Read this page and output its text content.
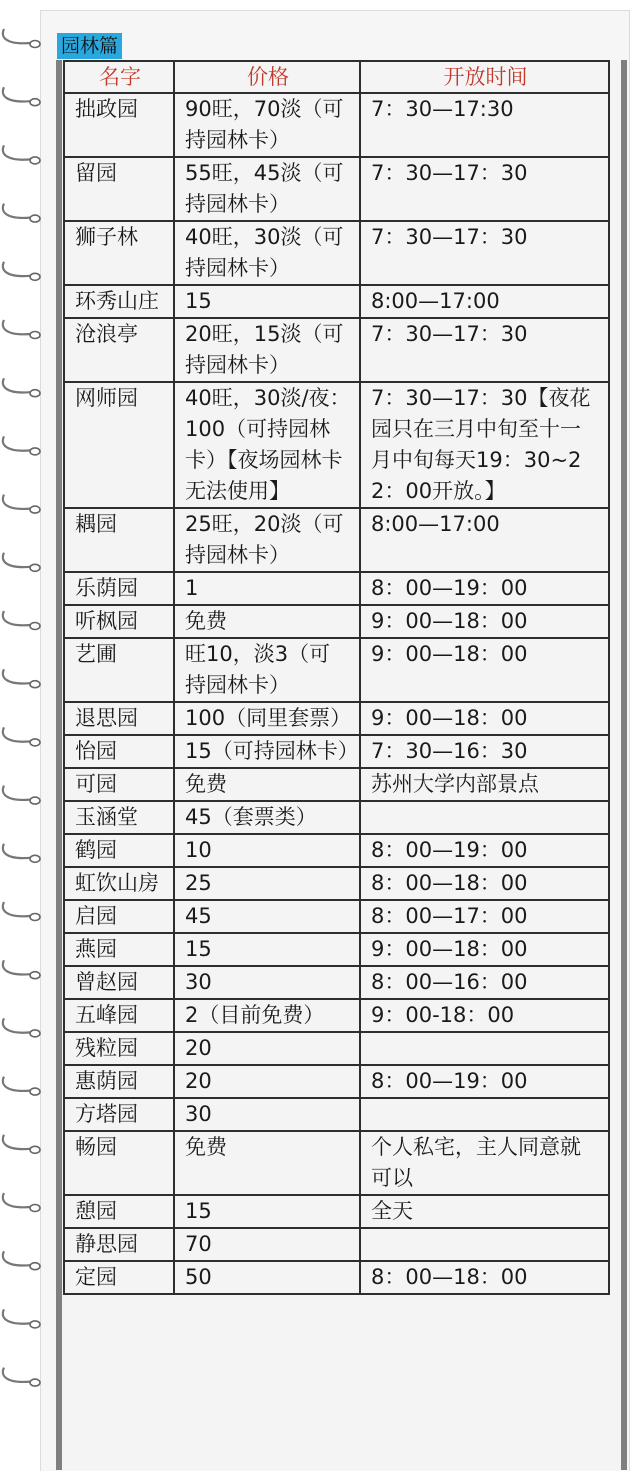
园林篇
名字	价格	开放时间
拙政园	90旺，70淡（可持园林卡）	7：30—17:30
留园	55旺，45淡（可持园林卡）	7：30—17：30
狮子林	40旺，30淡（可持园林卡）	7：30—17：30
环秀山庄	15	8:00—17:00
沧浪亭	20旺，15淡（可持园林卡）	7：30—17：30
网师园	40旺，30淡/夜：100（可持园林卡）【夜场园林卡无法使用】	7：30—17：30【夜花园只在三月中旬至十一月中旬每天19：30~22：00开放。】
耦园	25旺，20淡（可持园林卡）	8:00—17:00
乐荫园	1	8：00—19：00
听枫园	免费	9：00—18：00
艺圃	旺10，淡3（可持园林卡）	9：00—18：00
退思园	100（同里套票）	9：00—18：00
怡园	15（可持园林卡）	7：30—16：30
可园	免费	苏州大学内部景点
玉涵堂	45（套票类）	
鹤园	10	8：00—19：00
虹饮山房	25	8：00—18：00
启园	45	8：00—17：00
燕园	15	9：00—18：00
曾赵园	30	8：00—16：00
五峰园	2（目前免费）	9：00-18：00
残粒园	20	
惠荫园	20	8：00—19：00
方塔园	30	
畅园	免费	个人私宅，主人同意就可以
憩园	15	全天
静思园	70	
定园	50	8：00—18：00
